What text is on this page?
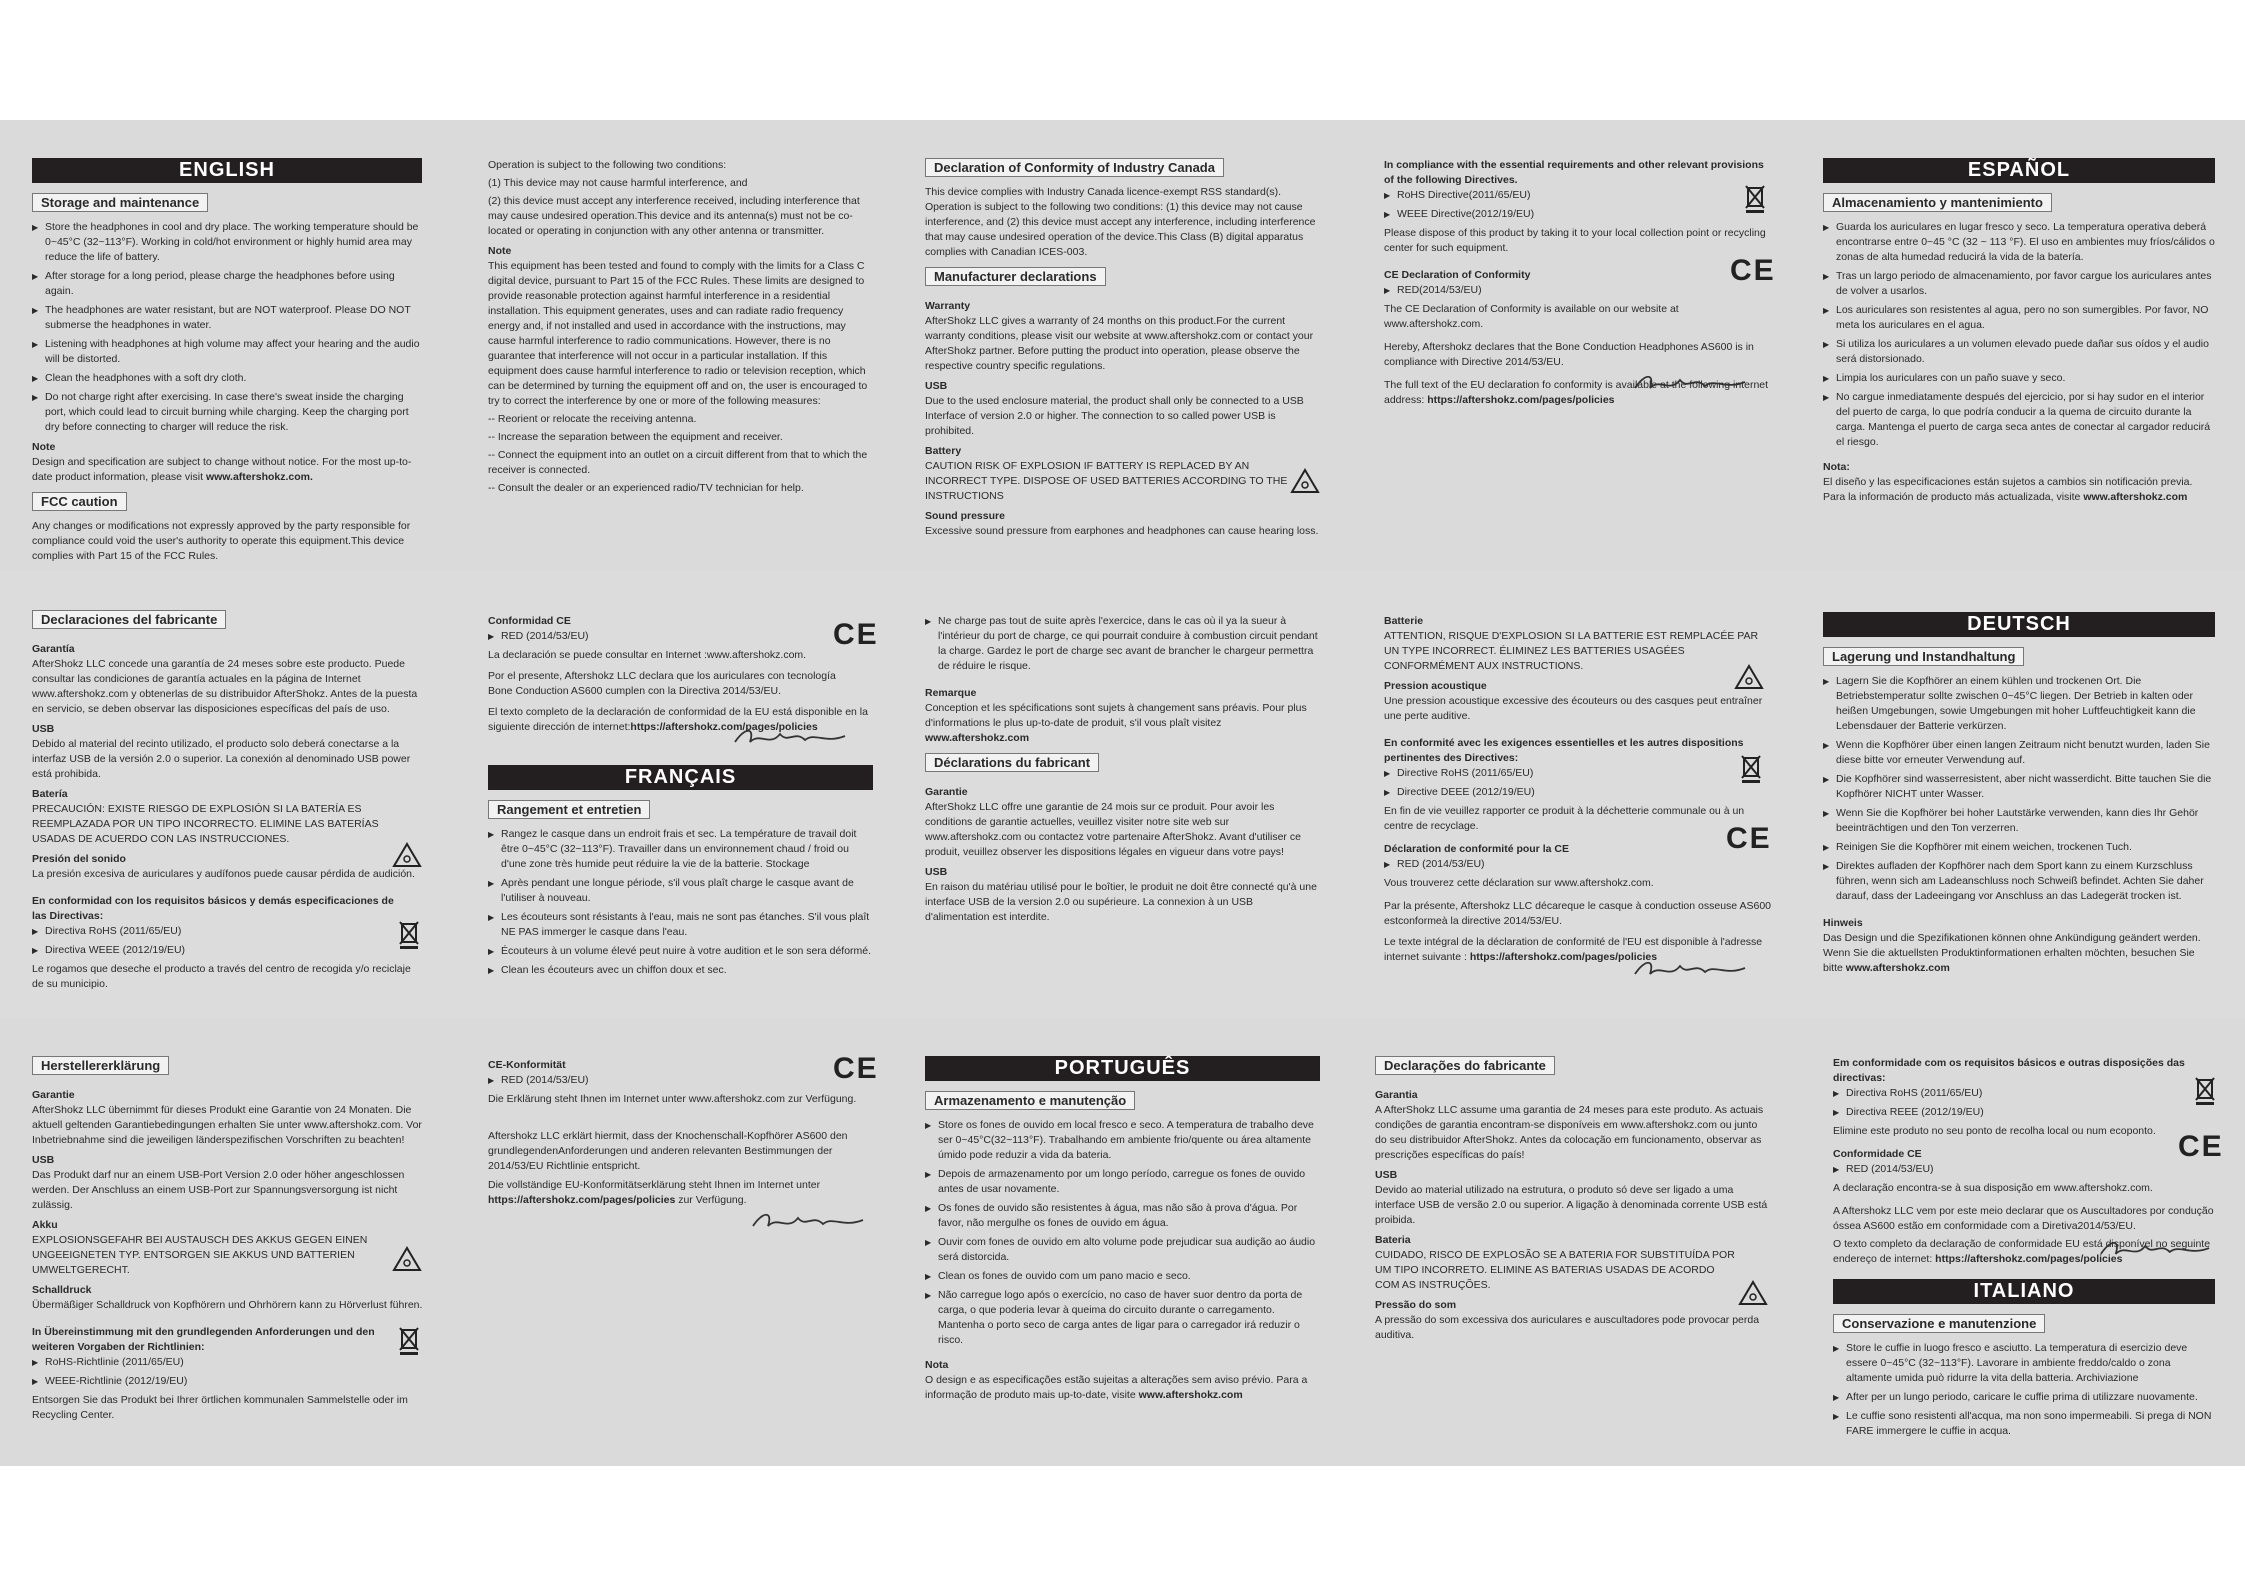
ENGLISH
Storage and maintenance
▶ Store the headphones in cool and dry place. The working temperature should be 0~45°C (32~113°F). Working in cold/hot environment or highly humid area may reduce the life of battery.
▶ After storage for a long period, please charge the headphones before using again.
▶ The headphones are water resistant, but are NOT waterproof. Please DO NOT submerse the headphones in water.
▶ Listening with headphones at high volume may affect your hearing and the audio will be distorted.
▶ Clean the headphones with a soft dry cloth.
▶ Do not charge right after exercising. In case there's sweat inside the charging port, which could lead to circuit burning while charging. Keep the charging port dry before connecting to charger will reduce the risk.
Note
Design and specification are subject to change without notice. For the most up-to-date product information, please visit www.aftershokz.com.
FCC caution
Any changes or modifications not expressly approved by the party responsible for compliance could void the user's authority to operate this equipment.This device complies with Part 15 of the FCC Rules.
Operation is subject to the following two conditions:
(1) This device may not cause harmful interference, and
(2) this device must accept any interference received, including interference that may cause undesired operation.This device and its antenna(s) must not be co-located or operating in conjunction with any other antenna or transmitter.
Note
This equipment has been tested and found to comply with the limits for a Class C digital device, pursuant to Part 15 of the FCC Rules. These limits are designed to provide reasonable protection against harmful interference in a residential installation. This equipment generates, uses and can radiate radio frequency energy and, if not installed and used in accordance with the instructions, may cause harmful interference to radio communications. However, there is no guarantee that interference will not occur in a particular installation. If this equipment does cause harmful interference to radio or television reception, which can be determined by turning the equipment off and on, the user is encouraged to try to correct the interference by one or more of the following measures:
-- Reorient or relocate the receiving antenna.
-- Increase the separation between the equipment and receiver.
-- Connect the equipment into an outlet on a circuit different from that to which the receiver is connected.
-- Consult the dealer or an experienced radio/TV technician for help.
Declaration of Conformity of Industry Canada
This device complies with Industry Canada licence-exempt RSS standard(s). Operation is subject to the following two conditions: (1) this device may not cause interference, and (2) this device must accept any interference, including interference that may cause undesired operation of the device.This Class (B) digital apparatus complies with Canadian ICES-003.
Manufacturer declarations
Warranty
AfterShokz LLC gives a warranty of 24 months on this product.For the current warranty conditions, please visit our website at www.aftershokz.com or contact your AfterShokz partner. Before putting the product into operation, please observe the respective country specific regulations.
USB
Due to the used enclosure material, the product shall only be connected to a USB Interface of version 2.0 or higher. The connection to so called power USB is prohibited.
Battery
CAUTION RISK OF EXPLOSION IF BATTERY IS REPLACED BY AN INCORRECT TYPE. DISPOSE OF USED BATTERIES ACCORDING TO THE INSTRUCTIONS
Sound pressure
Excessive sound pressure from earphones and headphones can cause hearing loss.
In compliance with the essential requirements and other relevant provisions of the following Directives.
▶ RoHS Directive(2011/65/EU)
▶ WEEE Directive(2012/19/EU)
Please dispose of this product by taking it to your local collection point or recycling center for such equipment.
CE Declaration of Conformity
▶ RED(2014/53/EU)
The CE Declaration of Conformity is available on our website at www.aftershokz.com.
Hereby, Aftershokz declares that the Bone Conduction Headphones AS600 is in compliance with Directive 2014/53/EU.
The full text of the EU declaration fo conformity is available at the following internet address: https://aftershokz.com/pages/policies
C E
ESPAÑOL
Almacenamiento y mantenimiento
▶ Guarda los auriculares en lugar fresco y seco. La temperatura operativa deberá encontrarse entre 0~45 °C (32 ~ 113 °F). El uso en ambientes muy fríos/cálidos o zonas de alta humedad reducirá la vida de la batería.
▶ Tras un largo periodo de almacenamiento, por favor cargue los auriculares antes de volver a usarlos.
▶ Los auriculares son resistentes al agua, pero no son sumergibles. Por favor, NO meta los auriculares en el agua.
▶ Si utiliza los auriculares a un volumen elevado puede dañar sus oídos y el audio será distorsionado.
▶ Limpia los auriculares con un paño suave y seco.
▶ No cargue inmediatamente después del ejercicio, por si hay sudor en el interior del puerto de carga, lo que podría conducir a la quema de circuito durante la carga. Mantenga el puerto de carga seca antes de conectar al cargador reducirá el riesgo.
Nota:
El diseño y las especificaciones están sujetos a cambios sin notificación previa. Para la información de producto más actualizada, visite www.aftershokz.com
Declaraciones del fabricante
Garantía
AfterShokz LLC concede una garantía de 24 meses sobre este producto. Puede consultar las condiciones de garantía actuales en la página de Internet www.aftershokz.com y obtenerlas de su distribuidor AfterShokz. Antes de la puesta en servicio, se deben observar las disposiciones específicas del país de uso.
USB
Debido al material del recinto utilizado, el producto solo deberá conectarse a la interfaz USB de la versión 2.0 o superior. La conexión al denominado USB power está prohibida.
Batería
PRECAUCIÓN: EXISTE RIESGO DE EXPLOSIÓN SI LA BATERÍA ES REEMPLAZADA POR UN TIPO INCORRECTO. ELIMINE LAS BATERÍAS USADAS DE ACUERDO CON LAS INSTRUCCIONES.
Presión del sonido
La presión excesiva de auriculares y audífonos puede causar pérdida de audición.
En conformidad con los requisitos básicos y demás especificaciones de las Directivas:
▶ Directiva RoHS (2011/65/EU)
▶ Directiva WEEE (2012/19/EU)
Le rogamos que deseche el producto a través del centro de recogida y/o reciclaje de su municipio.
Conformidad CE
▶ RED (2014/53/EU)
La declaración se puede consultar en Internet :www.aftershokz.com.
Por el presente, Aftershokz LLC declara que los auriculares con tecnología Bone Conduction AS600 cumplen con la Directiva 2014/53/EU.
El texto completo de la declaración de conformidad de la EU está disponible en la siguiente dirección de internet:https://aftershokz.com/pages/policies
FRANÇAIS
Rangement et entretien
▶ Rangez le casque dans un endroit frais et sec. La température de travail doit être 0~45°C (32~113°F). Travailler dans un environnement chaud / froid ou d'une zone très humide peut réduire la vie de la batterie. Stockage
▶ Après pendant une longue période, s'il vous plaît charge le casque avant de l'utiliser à nouveau.
▶ Les écouteurs sont résistants à l'eau, mais ne sont pas étanches. S'il vous plaît NE PAS immerger le casque dans l'eau.
▶ Écouteurs à un volume élevé peut nuire à votre audition et le son sera déformé.
▶ Clean les écouteurs avec un chiffon doux et sec.
C E
▶	Ne charge pas tout de suite après l'exercice, dans le cas où il ya la sueur à l'intérieur du port de charge, ce qui pourrait conduire à combustion circuit pendant la charge. Gardez le port de charge sec avant de brancher le chargeur permettra de réduire le risque.
Remarque
Conception et les spécifications sont sujets à changement sans préavis. Pour plus d'informations le plus up-to-date de produit, s'il vous plaît visitez www.aftershokz.com
Déclarations du fabricant
Garantie
AfterShokz LLC offre une garantie de 24 mois sur ce produit. Pour avoir les conditions de garantie actuelles, veuillez visiter notre site web sur www.aftershokz.com ou contactez votre partenaire AfterShokz. Avant d'utiliser ce produit, veuillez observer les dispositions légales en vigueur dans votre pays!
USB
En raison du matériau utilisé pour le boîtier, le produit ne doit être connecté qu'à une interface USB de la version 2.0 ou supérieure. La connexion à un USB d'alimentation est interdite.
Batterie
ATTENTION, RISQUE D'EXPLOSION SI LA BATTERIE EST REMPLACÉE PAR UN TYPE INCORRECT. ÉLIMINEZ LES BATTERIES USAGÉES CONFORMÉMENT AUX INSTRUCTIONS.
Pression acoustique
Une pression acoustique excessive des écouteurs ou des casques peut entraîner une perte auditive.
En conformité avec les exigences essentielles et les autres dispositions pertinentes des Directives:
▶ Directive RoHS (2011/65/EU)
▶ Directive DEEE (2012/19/EU)
En fin de vie veuillez rapporter ce produit à la déchetterie communale ou à un centre de recyclage.
Déclaration de conformité pour la CE
▶ RED (2014/53/EU)
Vous trouverez cette déclaration sur www.aftershokz.com.
Par la présente, Aftershokz LLC décareque le casque à conduction osseuse AS600 estconformeà la directive 2014/53/EU.
Le texte intégral de la déclaration de conformité de l'EU est disponible à l'adresse internet suivante : https://aftershokz.com/pages/policies
C E
DEUTSCH
Lagerung und Instandhaltung
▶ Lagern Sie die Kopfhörer an einem kühlen und trockenen Ort. Die Betriebstemperatur sollte zwischen 0~45°C liegen. Der Betrieb in kalten oder heißen Umgebungen, sowie Umgebungen mit hoher Luftfeuchtigkeit kann die Lebensdauer der Batterie verkürzen.
▶ Wenn die Kopfhörer über einen langen Zeitraum nicht benutzt wurden, laden Sie diese bitte vor erneuter Verwendung auf.
▶ Die Kopfhörer sind wasserresistent, aber nicht wasserdicht. Bitte tauchen Sie die Kopfhörer NICHT unter Wasser.
▶ Wenn Sie die Kopfhörer bei hoher Lautstärke verwenden, kann dies Ihr Gehör beeinträchtigen und den Ton verzerren.
▶ Reinigen Sie die Kopfhörer mit einem weichen, trockenen Tuch.
▶ Direktes aufladen der Kopfhörer nach dem Sport kann zu einem Kurzschluss führen, wenn sich am Ladeanschluss noch Schweiß befindet. Achten Sie daher darauf, dass der Ladeeingang vor Anschluss an das Ladegerät trocken ist.
Hinweis
Das Design und die Spezifikationen können ohne Ankündigung geändert werden. Wenn Sie die aktuellsten Produktinformationen erhalten möchten, besuchen Sie bitte www.aftershokz.com
Herstellererklärung
Garantie
AfterShokz LLC übernimmt für dieses Produkt eine Garantie von 24 Monaten. Die aktuell geltenden Garantiebedingungen erhalten Sie unter www.aftershokz.com. Vor Inbetriebnahme sind die jeweiligen länderspezifischen Vorschriften zu beachten!
USB
Das Produkt darf nur an einem USB-Port Version 2.0 oder höher angeschlossen werden. Der Anschluss an einem USB-Port zur Spannungsversorgung ist nicht zulässig.
Akku
EXPLOSIONSGEFAHR BEI AUSTAUSCH DES AKKUS GEGEN EINEN UNGEEIGNETEN TYP. ENTSORGEN SIE AKKUS UND BATTERIEN UMWELTGERECHT.
Schalldruck
Übermäßiger Schalldruck von Kopfhörern und Ohrhörern kann zu Hörverlust führen.
In Übereinstimmung mit den grundlegenden Anforderungen und den weiteren Vorgaben der Richtlinien:
▶ RoHS-Richtlinie (2011/65/EU)
▶ WEEE-Richtlinie (2012/19/EU)
Entsorgen Sie das Produkt bei Ihrer örtlichen kommunalen Sammelstelle oder im Recycling Center.
CE-Konformität
▶ RED (2014/53/EU)
Die Erklärung steht Ihnen im Internet unter www.aftershokz.com zur Verfügung.
Aftershokz LLC erklärt hiermit, dass der Knochenschall-Kopfhörer AS600 den grundlegendenAnforderungen und anderen relevanten Bestimmungen der 2014/53/EU Richtlinie entspricht.
Die vollständige EU-Konformitätserklärung steht Ihnen im Internet unter https://aftershokz.com/pages/policies zur Verfügung.
C E	PORTUGUÊS
Armazenamento e manutenção
▶ Store os fones de ouvido em local fresco e seco. A temperatura de trabalho deve ser 0~45°C(32~113°F). Trabalhando em ambiente frio/quente ou área altamente úmido pode reduzir a vida da bateria.
▶ Depois de armazenamento por um longo período, carregue os fones de ouvido antes de usar novamente.
▶ Os fones de ouvido são resistentes à água, mas não são à prova d'água. Por favor, não mergulhe os fones de ouvido em água.
▶ Ouvir com fones de ouvido em alto volume pode prejudicar sua audição ao áudio será distorcida.
▶ Clean os fones de ouvido com um pano macio e seco.
▶ Não carregue logo após o exercício, no caso de haver suor dentro da porta de carga, o que poderia levar à queima do circuito durante o carregamento. Mantenha o porto seco de carga antes de ligar para o carregador irá reduzir o risco.
Nota
O design e as especificações estão sujeitas a alterações sem aviso prévio. Para a informação de produto mais up-to-date, visite www.aftershokz.com
Declarações do fabricante
Garantia
A AfterShokz LLC assume uma garantia de 24 meses para este produto. As actuais condições de garantia encontram-se disponíveis em www.aftershokz.com ou junto do seu distribuidor AfterShokz. Antes da colocação em funcionamento, observar as prescrições específicas do país!
USB
Devido ao material utilizado na estrutura, o produto só deve ser ligado a uma interface USB de versão 2.0 ou superior. A ligação à denominada corrente USB está proibida.
Bateria
CUIDADO, RISCO DE EXPLOSÃO SE A BATERIA FOR SUBSTITUÍDA POR UM TIPO INCORRETO. ELIMINE AS BATERIAS USADAS DE ACORDO COM AS INSTRUÇÕES.
Pressão do som
A pressão do som excessiva dos auriculares e auscultadores pode provocar perda auditiva.
Em conformidade com os requisitos básicos e outras disposições das directivas:
▶ Directiva RoHS (2011/65/EU)
▶ Directiva REEE (2012/19/EU)
Elimine este produto no seu ponto de recolha local ou num ecoponto.
Conformidade CE
▶ RED (2014/53/EU)
A declaração encontra-se à sua disposição em www.aftershokz.com.
A Aftershokz LLC vem por este meio declarar que os Auscultadores por condução óssea AS600 estão em conformidade com a Diretiva2014/53/EU.
O texto completo da declaração de conformidade EU está disponível no seguinte endereço de internet: https://aftershokz.com/pages/policies
ITALIANO
Conservazione e manutenzione
▶ Store le cuffie in luogo fresco e asciutto. La temperatura di esercizio deve essere 0~45°C (32~113°F). Lavorare in ambiente freddo/caldo o zona altamente umida può ridurre la vita della batteria. Archiviazione
▶ After per un lungo periodo, caricare le cuffie prima di utilizzare nuovamente.
▶ Le cuffie sono resistenti all'acqua, ma non sono impermeabili. Si prega di NON FARE immergere le cuffie in acqua.
C E
